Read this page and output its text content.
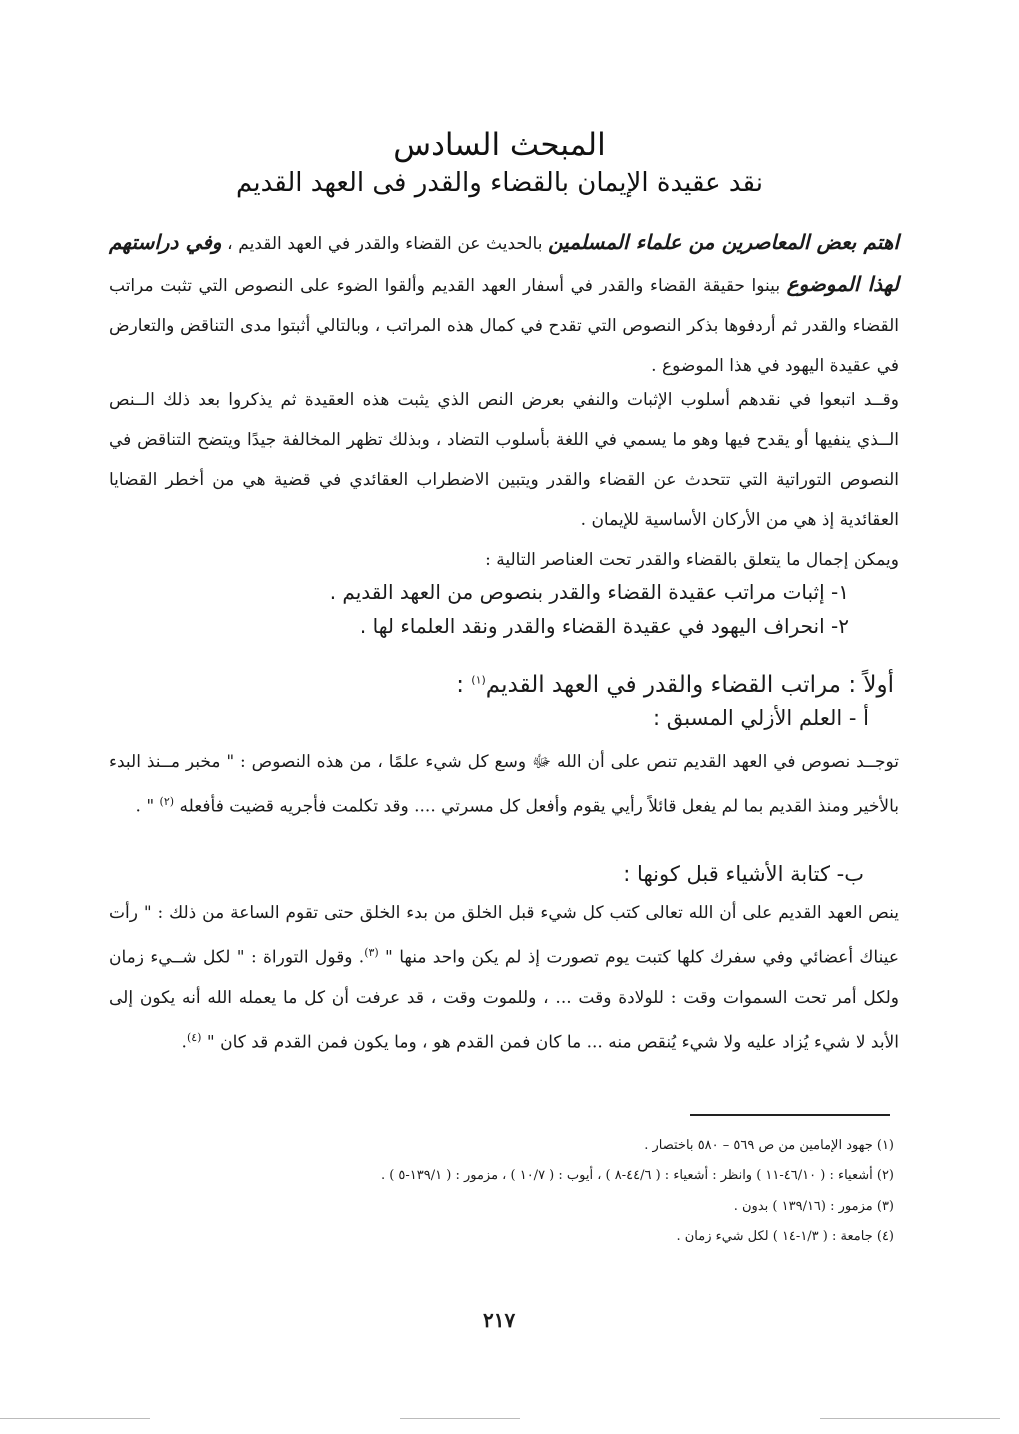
المبحث السادس
نقد عقيدة الإيمان بالقضاء والقدر فى العهد القديم
اهتم بعض المعاصرين من علماء المسلمين بالحديث عن القضاء والقدر في العهد القديم ، وفي دراستهم لهذا الموضوع بينوا حقيقة القضاء والقدر في أسفار العهد القديم وألقوا الضوء على النصوص التي تثبت مراتب القضاء والقدر ثم أردفوها بذكر النصوص التي تقدح في كمال هذه المراتب ، وبالتالي أثبتوا مدى التناقض والتعارض في عقيدة اليهود في هذا الموضوع .
وقــد اتبعوا في نقدهم أسلوب الإثبات والنفي بعرض النص الذي يثبت هذه العقيدة ثم يذكروا بعد ذلك الــنص الــذي ينفيها أو يقدح فيها وهو ما يسمي في اللغة بأسلوب التضاد ، وبذلك تظهر المخالفة جيدًا ويتضح التناقض في النصوص التوراتية التي تتحدث عن القضاء والقدر ويتبين الاضطراب العقائدي في قضية هي من أخطر القضايا العقائدية إذ هي من الأركان الأساسية للإيمان .
ويمكن إجمال ما يتعلق بالقضاء والقدر تحت العناصر التالية :
١- إثبات مراتب عقيدة القضاء والقدر بنصوص من العهد القديم .
٢- انحراف اليهود في عقيدة القضاء والقدر ونقد العلماء لها .
أولاً : مراتب القضاء والقدر في العهد القديم$^{(١)}$ :
أ - العلم الأزلي المسبق :
توجــد نصوص في العهد القديم تنص على أن الله ﷻ وسع كل شيء علمًا ، من هذه النصوص : " مخبر مــنذ البدء بالأخير ومنذ القديم بما لم يفعل قائلاً رأيي يقوم وأفعل كل مسرتي .... وقد تكلمت فأجريه قضيت فأفعله $^{(٢)}$ " .
ب- كتابة الأشياء قبل كونها :
ينص العهد القديم على أن الله تعالى كتب كل شيء قبل الخلق من بدء الخلق حتى تقوم الساعة من ذلك : " رأت عيناك أعضائي وفي سفرك كلها كتبت يوم تصورت إذ لم يكن واحد منها " $^{(٣)}$. وقول التوراة : " لكل شــيء زمان ولكل أمر تحت السموات وقت : للولادة وقت ... ، وللموت وقت ، قد عرفت أن كل ما يعمله الله أنه يكون إلى الأبد لا شيء يُزاد عليه ولا شيء يُنقص منه ... ما كان فمن القدم هو ، وما يكون فمن القدم قد كان " $^{(٤)}$.
(١) جهود الإمامين من ص ٥٦٩ – ٥٨٠ باختصار .
(٢) أشعياء : ( ٤٦/١٠-١١ ) وانظر : أشعياء : ( ٤٤/٦-٨ ) ، أيوب : ( ١٠/٧ ) ، مزمور : ( ١٣٩/١-٥ ) .
(٣) مزمور : (١٣٩/١٦ ) بدون .
(٤) جامعة : ( ١/٣-١٤ ) لكل شيء زمان .
٢١٧
